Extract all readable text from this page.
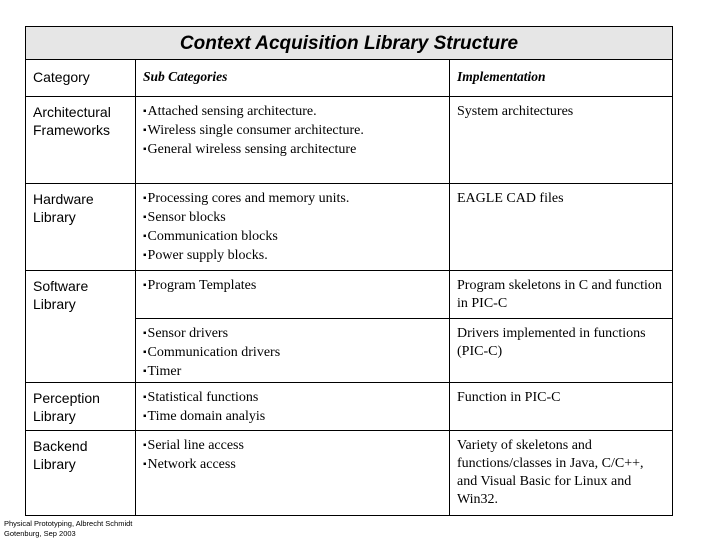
Context Acquisition Library Structure		
Category	Sub Categories	Implementation
Architectural Frameworks	▪ Attached sensing architecture.
▪ Wireless single consumer architecture.
▪ General wireless sensing architecture	System architectures
Hardware Library	▪ Processing cores and memory units.
▪ Sensor blocks
▪ Communication blocks
▪ Power supply blocks.	EAGLE CAD files
Software Library	▪ Program Templates	Program skeletons in C and function in PIC-C

	▪ Sensor drivers
▪ Communication drivers
▪ Timer	Drivers implemented in functions (PIC-C)
Perception Library	▪ Statistical functions
▪ Time domain analyis	Function in PIC-C
Backend Library	▪ Serial line access
▪ Network access	Variety of skeletons and functions/classes in Java, C/C++, and Visual Basic for Linux and Win32.
Physical Prototyping, Albrecht Schmidt
Gotenburg, Sep 2003
